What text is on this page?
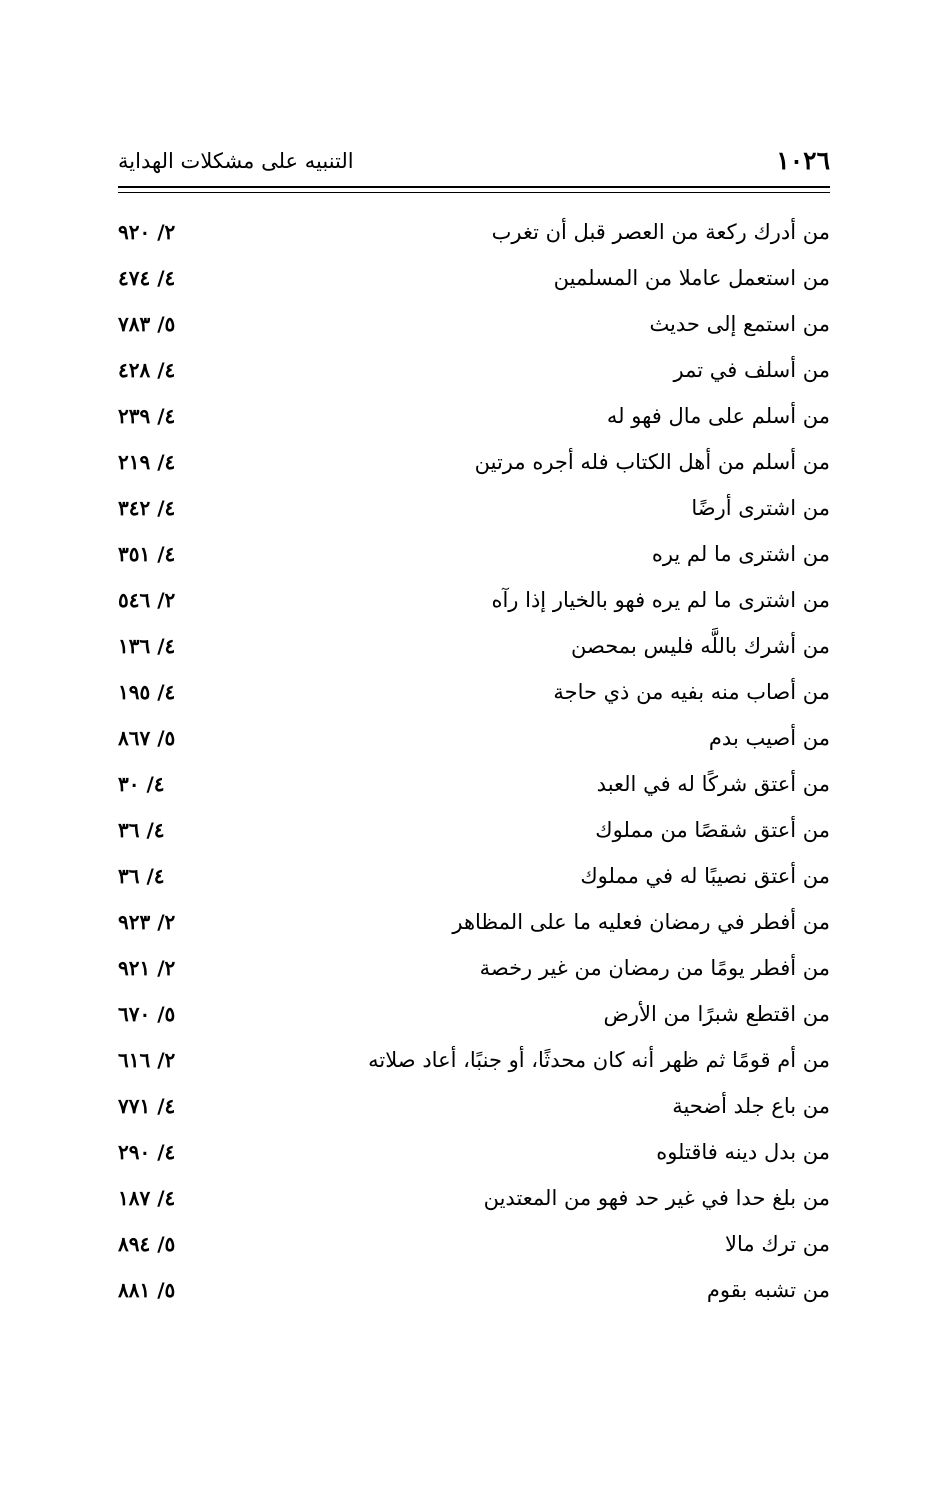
١٠٢٦
التنبيه على مشكلات الهداية
من أدرك ركعة من العصر قبل أن تغرب
٢/ ٩٢٠
من استعمل عاملا من المسلمين
٤/ ٤٧٤
من استمع إلى حديث
٥/ ٧٨٣
من أسلف في تمر
٤/ ٤٢٨
من أسلم على مال فهو له
٤/ ٢٣٩
من أسلم من أهل الكتاب فله أجره مرتين
٤/ ٢١٩
من اشترى أرضًا
٤/ ٣٤٢
من اشترى ما لم يره
٤/ ٣٥١
من اشترى ما لم يره فهو بالخيار إذا رآه
٢/ ٥٤٦
من أشرك باللَّه فليس بمحصن
٤/ ١٣٦
من أصاب منه بفيه من ذي حاجة
٤/ ١٩٥
من أصيب بدم
٥/ ٨٦٧
من أعتق شركًا له في العبد
٤/ ٣٠
من أعتق شقصًا من مملوك
٤/ ٣٦
من أعتق نصيبًا له في مملوك
٤/ ٣٦
من أفطر في رمضان فعليه ما على المظاهر
٢/ ٩٢٣
من أفطر يومًا من رمضان من غير رخصة
٢/ ٩٢١
من اقتطع شبرًا من الأرض
٥/ ٦٧٠
من أم قومًا ثم ظهر أنه كان محدثًا، أو جنبًا، أعاد صلاته
٢/ ٦١٦
من باع جلد أضحية
٤/ ٧٧١
من بدل دينه فاقتلوه
٤/ ٢٩٠
من بلغ حدا في غير حد فهو من المعتدين
٤/ ١٨٧
من ترك مالا
٥/ ٨٩٤
من تشبه بقوم
٥/ ٨٨١
